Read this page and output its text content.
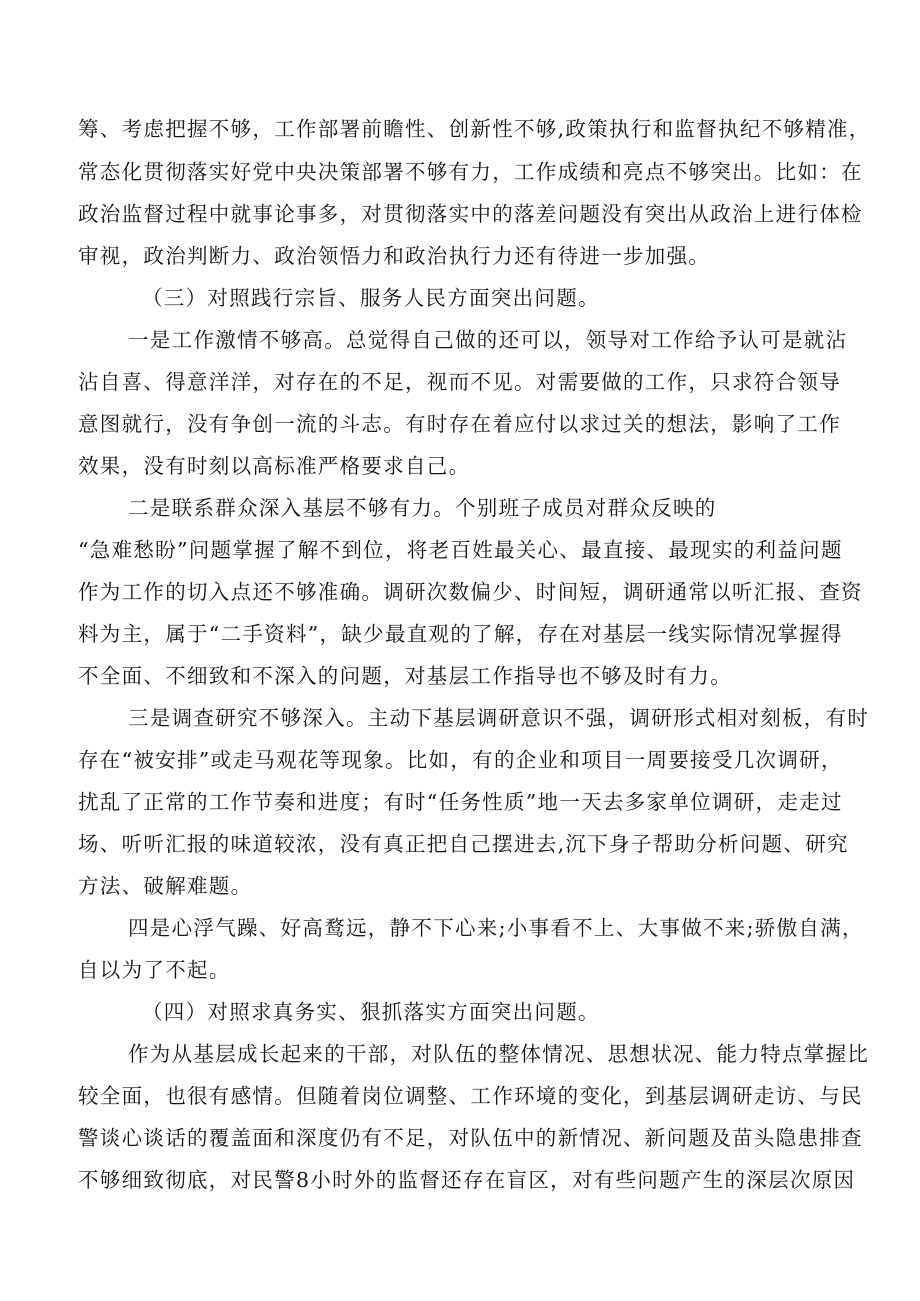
筹、考虑把握不够，工作部署前瞻性、创新性不够,政策执行和监督执纪不够精准，
常态化贯彻落实好党中央决策部署不够有力，工作成绩和亮点不够突出。比如：在
政治监督过程中就事论事多，对贯彻落实中的落差问题没有突出从政治上进行体检
审视，政治判断力、政治领悟力和政治执行力还有待进一步加强。
（三）对照践行宗旨、服务人民方面突出问题。
一是工作激情不够高。总觉得自己做的还可以，领导对工作给予认可是就沾
沾自喜、得意洋洋，对存在的不足，视而不见。对需要做的工作，只求符合领导
意图就行，没有争创一流的斗志。有时存在着应付以求过关的想法，影响了工作
效果，没有时刻以高标准严格要求自己。
二是联系群众深入基层不够有力。个别班子成员对群众反映的
“急难愁盼”问题掌握了解不到位，将老百姓最关心、最直接、最现实的利益问题
作为工作的切入点还不够准确。调研次数偏少、时间短，调研通常以听汇报、查资
料为主，属于“二手资料”，缺少最直观的了解，存在对基层一线实际情况掌握得
不全面、不细致和不深入的问题，对基层工作指导也不够及时有力。
三是调查研究不够深入。主动下基层调研意识不强，调研形式相对刻板，有时
存在“被安排”或走马观花等现象。比如，有的企业和项目一周要接受几次调研，
扰乱了正常的工作节奏和进度；有时“任务性质”地一天去多家单位调研，走走过
场、听听汇报的味道较浓，没有真正把自己摆进去,沉下身子帮助分析问题、研究
方法、破解难题。
四是心浮气躁、好高鹜远，静不下心来;小事看不上、大事做不来;骄傲自满，
自以为了不起。
（四）对照求真务实、狠抓落实方面突出问题。
作为从基层成长起来的干部，对队伍的整体情况、思想状况、能力特点掌握比
较全面，也很有感情。但随着岗位调整、工作环境的变化，到基层调研走访、与民
警谈心谈话的覆盖面和深度仍有不足，对队伍中的新情况、新问题及苗头隐患排查
不够细致彻底，对民警8小时外的监督还存在盲区，对有些问题产生的深层次原因
